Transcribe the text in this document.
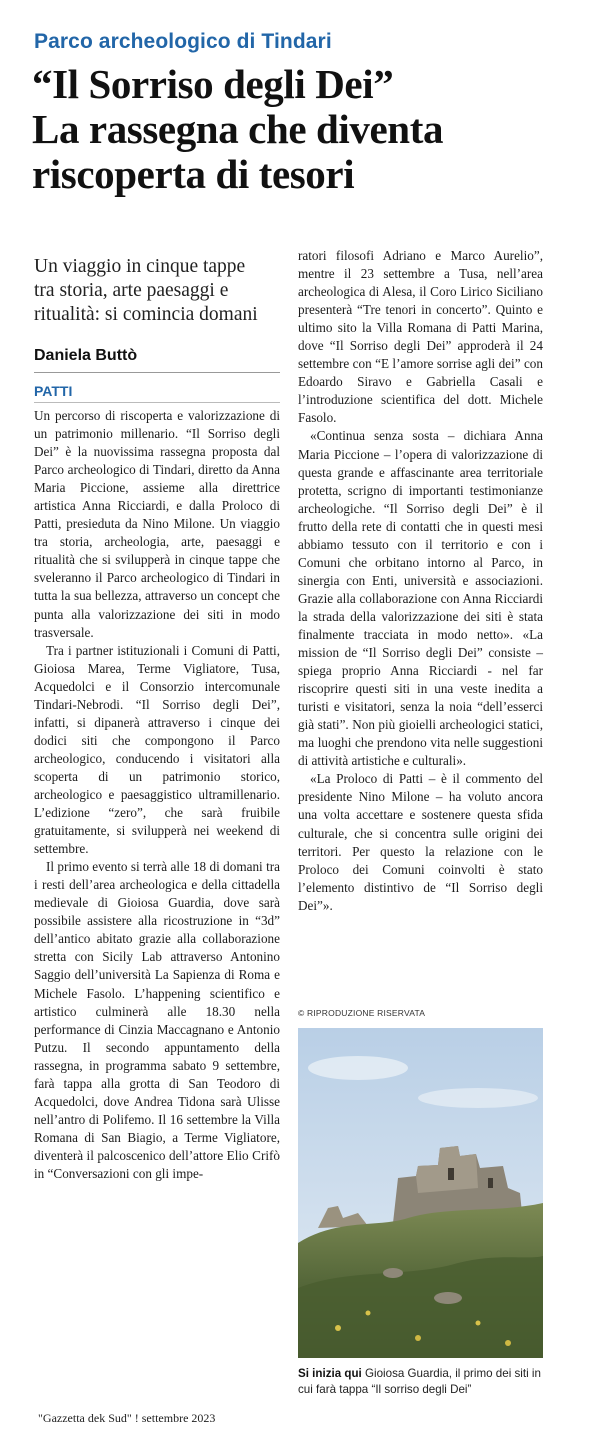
Parco archeologico di Tindari
“Il Sorriso degli Dei”
La rassegna che diventa
riscoperta di tesori
Un viaggio in cinque tappe
tra storia, arte paesaggi e
ritualità: si comincia domani
Daniela Buttò
PATTI

Un percorso di riscoperta e valorizzazione di un patrimonio millenario. “Il Sorriso degli Dei” è la nuovissima rassegna proposta dal Parco archeologico di Tindari, diretto da Anna Maria Piccione, assieme alla direttrice artistica Anna Ricciardi, e dalla Proloco di Patti, presieduta da Nino Milone. Un viaggio tra storia, archeologia, arte, paesaggi e ritualità che si svilupperà in cinque tappe che sveleranno il Parco archeologico di Tindari in tutta la sua bellezza, attraverso un concept che punta alla valorizzazione dei siti in modo trasversale.

Tra i partner istituzionali i Comuni di Patti, Gioiosa Marea, Terme Vigliatore, Tusa, Acquedolci e il Consorzio intercomunale Tindari-Nebrodi. “Il Sorriso degli Dei”, infatti, si dipanerà attraverso i cinque dei dodici siti che compongono il Parco archeologico, conducendo i visitatori alla scoperta di un patrimonio storico, archeologico e paesaggistico ultramillenario. L’edizione “zero”, che sarà fruibile gratuitamente, si svilupperà nei weekend di settembre.

Il primo evento si terrà alle 18 di domani tra i resti dell’area archeologica e della cittadella medievale di Gioiosa Guardia, dove sarà possibile assistere alla ricostruzione in “3d” dell’antico abitato grazie alla collaborazione stretta con Sicily Lab attraverso Antonino Saggio dell’università La Sapienza di Roma e Michele Fasolo. L’happening scientifico e artistico culminerà alle 18.30 nella performance di Cinzia Maccagnano e Antonio Putzu. Il secondo appuntamento della rassegna, in programma sabato 9 settembre, farà tappa alla grotta di San Teodoro di Acquedolci, dove Andrea Tidona sarà Ulisse nell’antro di Polifemo. Il 16 settembre la Villa Romana di San Biagio, a Terme Vigliatore, diventerà il palcoscenico dell’attore Elio Crifò in “Conversazioni con gli impe-

ratori filosofi Adriano e Marco Aurelio”, mentre il 23 settembre a Tusa, nell’area archeologica di Alesa, il Coro Lirico Siciliano presenterà “Tre tenori in concerto”. Quinto e ultimo sito la Villa Romana di Patti Marina, dove “Il Sorriso degli Dei” approderà il 24 settembre con “E l’amore sorrise agli dei” con Edoardo Siravo e Gabriella Casali e l’introduzione scientifica del dott. Michele Fasolo.

«Continua senza sosta – dichiara Anna Maria Piccione – l’opera di valorizzazione di questa grande e affascinante area territoriale protetta, scrigno di importanti testimonianze archeologiche. “Il Sorriso degli Dei” è il frutto della rete di contatti che in questi mesi abbiamo tessuto con il territorio e con i Comuni che orbitano intorno al Parco, in sinergia con Enti, università e associazioni. Grazie alla collaborazione con Anna Ricciardi la strada della valorizzazione dei siti è stata finalmente tracciata in modo netto». «La mission de “Il Sorriso degli Dei” consiste – spiega proprio Anna Ricciardi - nel far riscoprire questi siti in una veste inedita a turisti e visitatori, senza la noia “dell’esserci già stati”. Non più gioielli archeologici statici, ma luoghi che prendono vita nelle suggestioni di attività artistiche e culturali».

«La Proloco di Patti – è il commento del presidente Nino Milone – ha voluto ancora una volta accettare e sostenere questa sfida culturale, che si concentra sulle origini dei territori. Per questo la relazione con le Proloco dei Comuni coinvolti è stato l’elemento distintivo de “Il Sorriso degli Dei”».

© RIPRODUZIONE RISERVATA
Si inizia qui Gioiosa Guardia, il primo dei siti in cui farà tappa “Il sorriso degli Dei”
"Gazzetta dek Sud" ! settembre 2023
